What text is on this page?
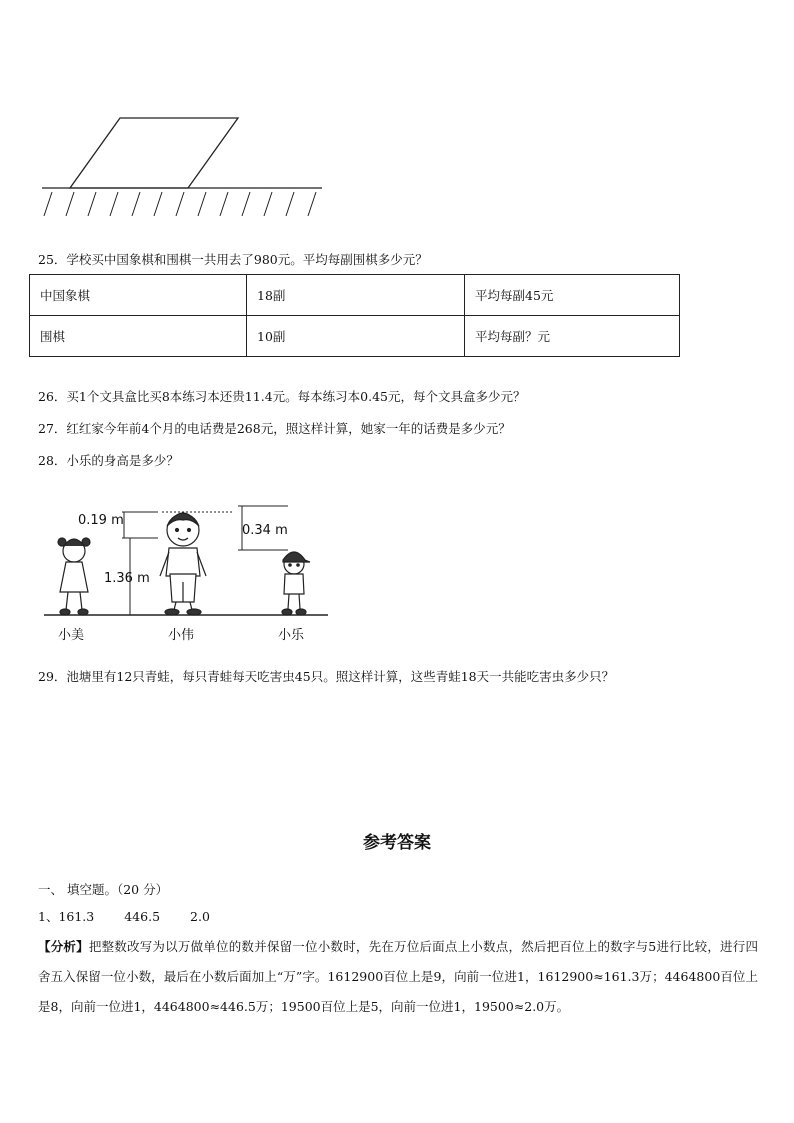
25．学校买中国象棋和围棋一共用去了980元。平均每副围棋多少元？
中国象棋	18副	平均每副45元
围棋	10副	平均每副？元
26．买1个文具盒比买8本练习本还贵11.4元。每本练习本0.45元，每个文具盒多少元？
27．红红家今年前4个月的电话费是268元，照这样计算，她家一年的话费是多少元？
28．小乐的身高是多少？
0.19 m
1.36 m
0.34 m
小美	小伟	小乐
29．池塘里有12只青蛙，每只青蛙每天吃害虫45只。照这样计算，这些青蛙18天一共能吃害虫多少只？
参考答案
一、 填空题。（20 分）
1、161.3 446.5 2.0
【分析】把整数改写为以万做单位的数并保留一位小数时，先在万位后面点上小数点，然后把百位上的数字与5进行比较，进行四舍五入保留一位小数，最后在小数后面加上“万”字。1612900百位上是9，向前一位进1，1612900≈161.3万；4464800百位上是8，向前一位进1，4464800≈446.5万；19500百位上是5，向前一位进1，19500≈2.0万。
